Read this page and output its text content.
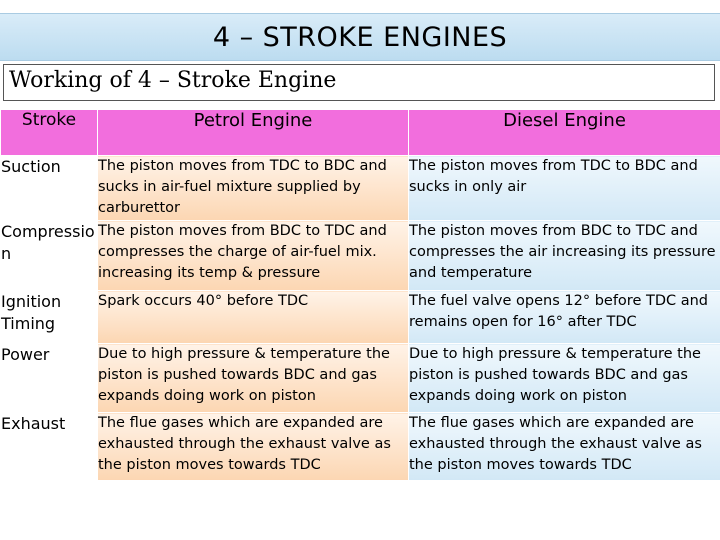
4 – STROKE ENGINES
Working of 4 – Stroke Engine
Stroke	Petrol Engine	Diesel Engine
Suction	The piston moves from TDC to BDC and sucks in air-fuel mixture supplied by carburettor	The piston moves from TDC to BDC and sucks in only air
Compression	The piston moves from BDC to TDC and compresses the charge of air-fuel mix. increasing its temp & pressure	The piston moves from BDC to TDC and compresses the air increasing its pressure and temperature
Ignition Timing	Spark occurs 40° before TDC	The fuel valve opens 12° before TDC and remains open for 16° after TDC
Power	Due to high pressure & temperature the piston is pushed towards BDC and gas expands doing work on piston	Due to high pressure & temperature the piston is pushed towards BDC and gas expands doing work on piston
Exhaust	The flue gases which are expanded are exhausted through the exhaust valve as the piston moves towards TDC	The flue gases which are expanded are exhausted through the exhaust valve as the piston moves towards TDC
